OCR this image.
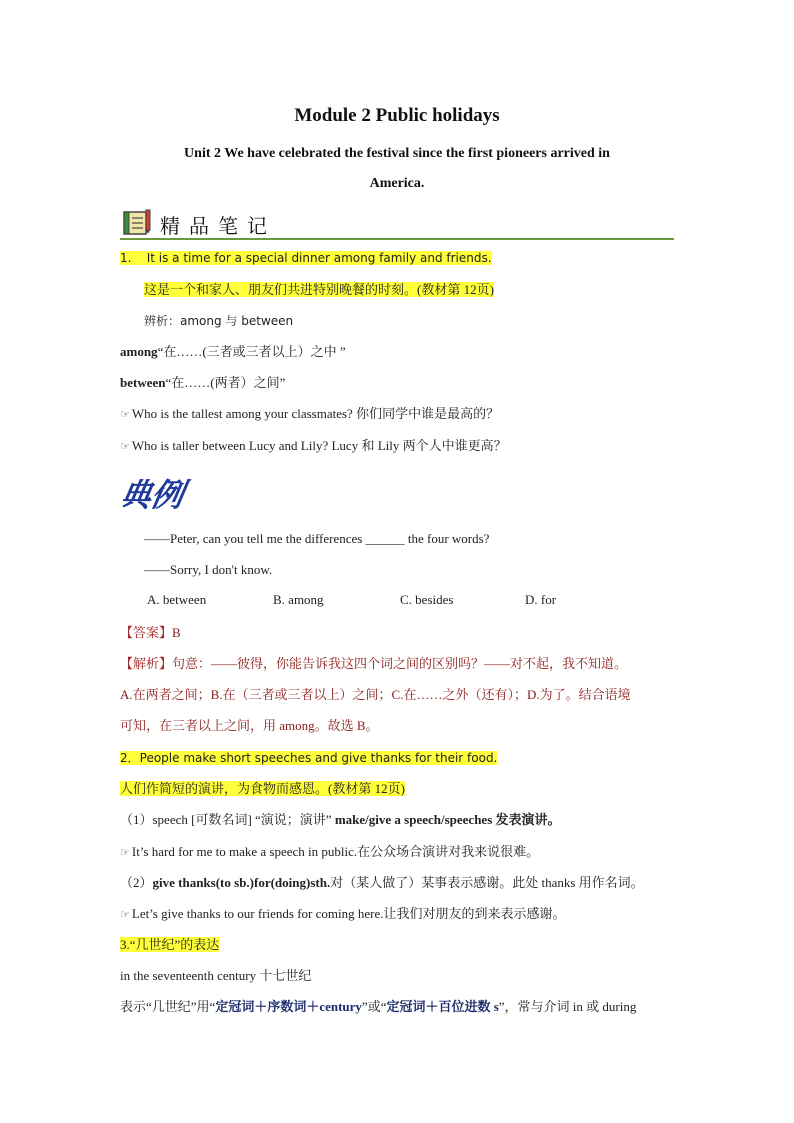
Module 2 Public holidays
Unit 2 We have celebrated the festival since the first pioneers arrived in
America.
精品笔记
1. It is a time for a special dinner among family and friends.
这是一个和家人、朋友们共进特别晚餐的时刻。(教材第 12页)
辨析：among 与 between
among“在……(三者或三者以上）之中 ”
between“在……(两者）之间”
☞ Who is the tallest among your classmates? 你们同学中谁是最高的？
☞ Who is taller between Lucy and Lily? Lucy 和 Lily 两个人中谁更高？
典例
——Peter, can you tell me the differences ______ the four words?
——Sorry, I don't know.
A. between	B. among	C. besides	D. for
【答案】B
【解析】句意：——彼得，你能告诉我这四个词之间的区别吗？——对不起，我不知道。
A.在两者之间；B.在（三者或三者以上）之间；C.在……之外（还有）；D.为了。结合语境
可知，在三者以上之间，用 among。故选 B。
2．People make short speeches and give thanks for their food.
人们作简短的演讲，为食物而感恩。(教材第 12页)
（1）speech [可数名词] “演说；演讲” make/give a speech/speeches 发表演讲。
☞ It’s hard for me to make a speech in public.在公众场合演讲对我来说很难。
（2）give thanks(to sb.)for(doing)sth.对（某人做了）某事表示感谢。此处 thanks 用作名词。
☞ Let’s give thanks to our friends for coming here.让我们对朋友的到来表示感谢。
3.“几世纪”的表达
in the seventeenth century 十七世纪
表示“几世纪”用“定冠词＋序数词＋century”或“定冠词＋百位进数 s”，常与介词 in 或 during
